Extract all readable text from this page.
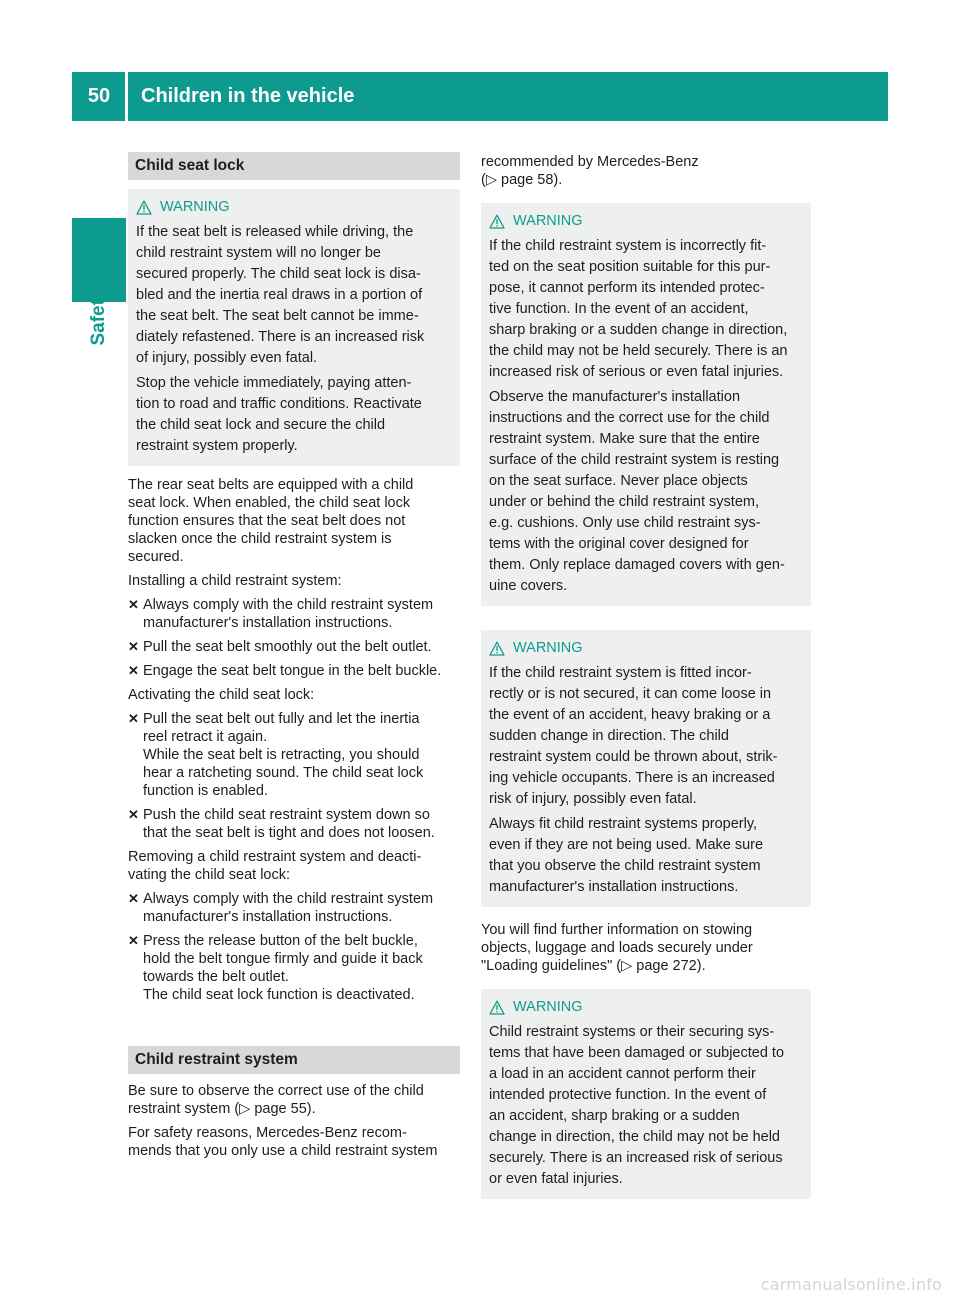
50	Children in the vehicle
Safety
Child seat lock
WARNING

If the seat belt is released while driving, the
child restraint system will no longer be
secured properly. The child seat lock is disa-
bled and the inertia real draws in a portion of
the seat belt. The seat belt cannot be imme-
diately refastened. There is an increased risk
of injury, possibly even fatal.

Stop the vehicle immediately, paying atten-
tion to road and traffic conditions. Reactivate
the child seat lock and secure the child
restraint system properly.

The rear seat belts are equipped with a child
seat lock. When enabled, the child seat lock
function ensures that the seat belt does not
slacken once the child restraint system is
secured.

Installing a child restraint system:

✕ Always comply with the child restraint system
manufacturer's installation instructions.
✕ Pull the seat belt smoothly out the belt outlet.
✕ Engage the seat belt tongue in the belt buckle.

Activating the child seat lock:

✕ Pull the seat belt out fully and let the inertia
reel retract it again.
While the seat belt is retracting, you should
hear a ratcheting sound. The child seat lock
function is enabled.
✕ Push the child seat restraint system down so
that the seat belt is tight and does not loosen.

Removing a child restraint system and deacti-
vating the child seat lock:

✕ Always comply with the child restraint system
manufacturer's installation instructions.
✕ Press the release button of the belt buckle,
hold the belt tongue firmly and guide it back
towards the belt outlet.
The child seat lock function is deactivated.
Child restraint system

Be sure to observe the correct use of the child
restraint system (▷ page 55).

For safety reasons, Mercedes-Benz recom-
mends that you only use a child restraint system

recommended by Mercedes-Benz
(▷ page 58).

WARNING

If the child restraint system is incorrectly fit-
ted on the seat position suitable for this pur-
pose, it cannot perform its intended protec-
tive function. In the event of an accident,
sharp braking or a sudden change in direction,
the child may not be held securely. There is an
increased risk of serious or even fatal injuries.

Observe the manufacturer's installation
instructions and the correct use for the child
restraint system. Make sure that the entire
surface of the child restraint system is resting
on the seat surface. Never place objects
under or behind the child restraint system,
e.g. cushions. Only use child restraint sys-
tems with the original cover designed for
them. Only replace damaged covers with gen-
uine covers.

WARNING

If the child restraint system is fitted incor-
rectly or is not secured, it can come loose in
the event of an accident, heavy braking or a
sudden change in direction. The child
restraint system could be thrown about, strik-
ing vehicle occupants. There is an increased
risk of injury, possibly even fatal.

Always fit child restraint systems properly,
even if they are not being used. Make sure
that you observe the child restraint system
manufacturer's installation instructions.

You will find further information on stowing
objects, luggage and loads securely under
"Loading guidelines" (▷ page 272).

WARNING

Child restraint systems or their securing sys-
tems that have been damaged or subjected to
a load in an accident cannot perform their
intended protective function. In the event of
an accident, sharp braking or a sudden
change in direction, the child may not be held
securely. There is an increased risk of serious
or even fatal injuries.

carmanualsonline.info
